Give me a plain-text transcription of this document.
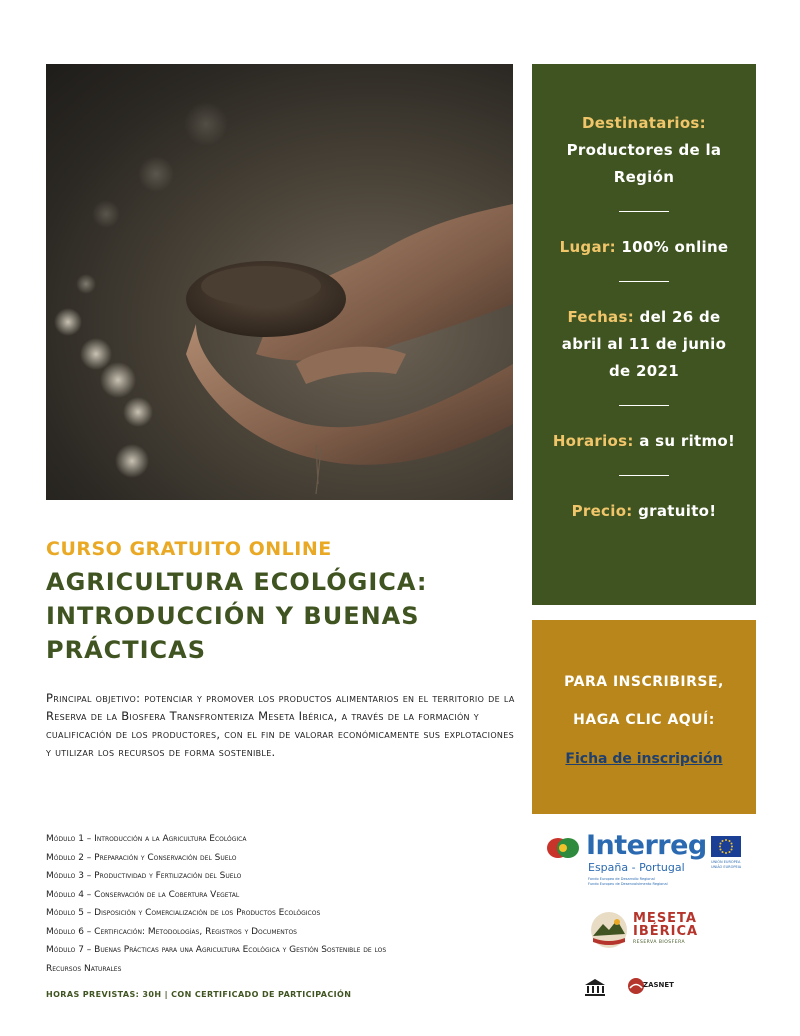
Destinatarios:
Productores de la
Región
Lugar: 100% online
Fechas: del 26 de
abril al 11 de junio
de 2021
Horarios: a su ritmo!
Precio: gratuito!
PARA INSCRIBIRSE,
HAGA CLIC AQUÍ:
Ficha de inscripción
CURSO GRATUITO ONLINE
AGRICULTURA ECOLÓGICA:
INTRODUCCIÓN Y BUENAS
PRÁCTICAS

Principal objetivo: potenciar y promover los productos alimentarios en el territorio de la Reserva de la Biosfera Transfronteriza Meseta Ibérica, a través de la formación y cualificación de los productores, con el fin de valorar económicamente sus explotaciones y utilizar los recursos de forma sostenible.

Módulo 1 – Introducción a la Agricultura Ecológica
Módulo 2 – Preparación y Conservación del Suelo
Módulo 3 – Productividad y Fertilización del Suelo
Módulo 4 – Conservación de la Cobertura Vegetal
Módulo 5 – Disposición y Comercialización de los Productos Ecológicos
Módulo 6 – Certificación: Metodologías, Registros y Documentos
Módulo 7 – Buenas Prácticas para una Agricultura Ecológica y Gestión Sostenible de los
Recursos Naturales
HORAS PREVISTAS: 30H | CON CERTIFICADO DE PARTICIPACIÓN
Interreg
España - Portugal
Fondo Europeo de Desarrollo Regional
Fundo Europeu de Desenvolvimento Regional
UNIÓN EUROPEA
UNIÃO EUROPEIA
MESETA
IBÉRICA
RESERVA BIOSFERA
ZASNET
